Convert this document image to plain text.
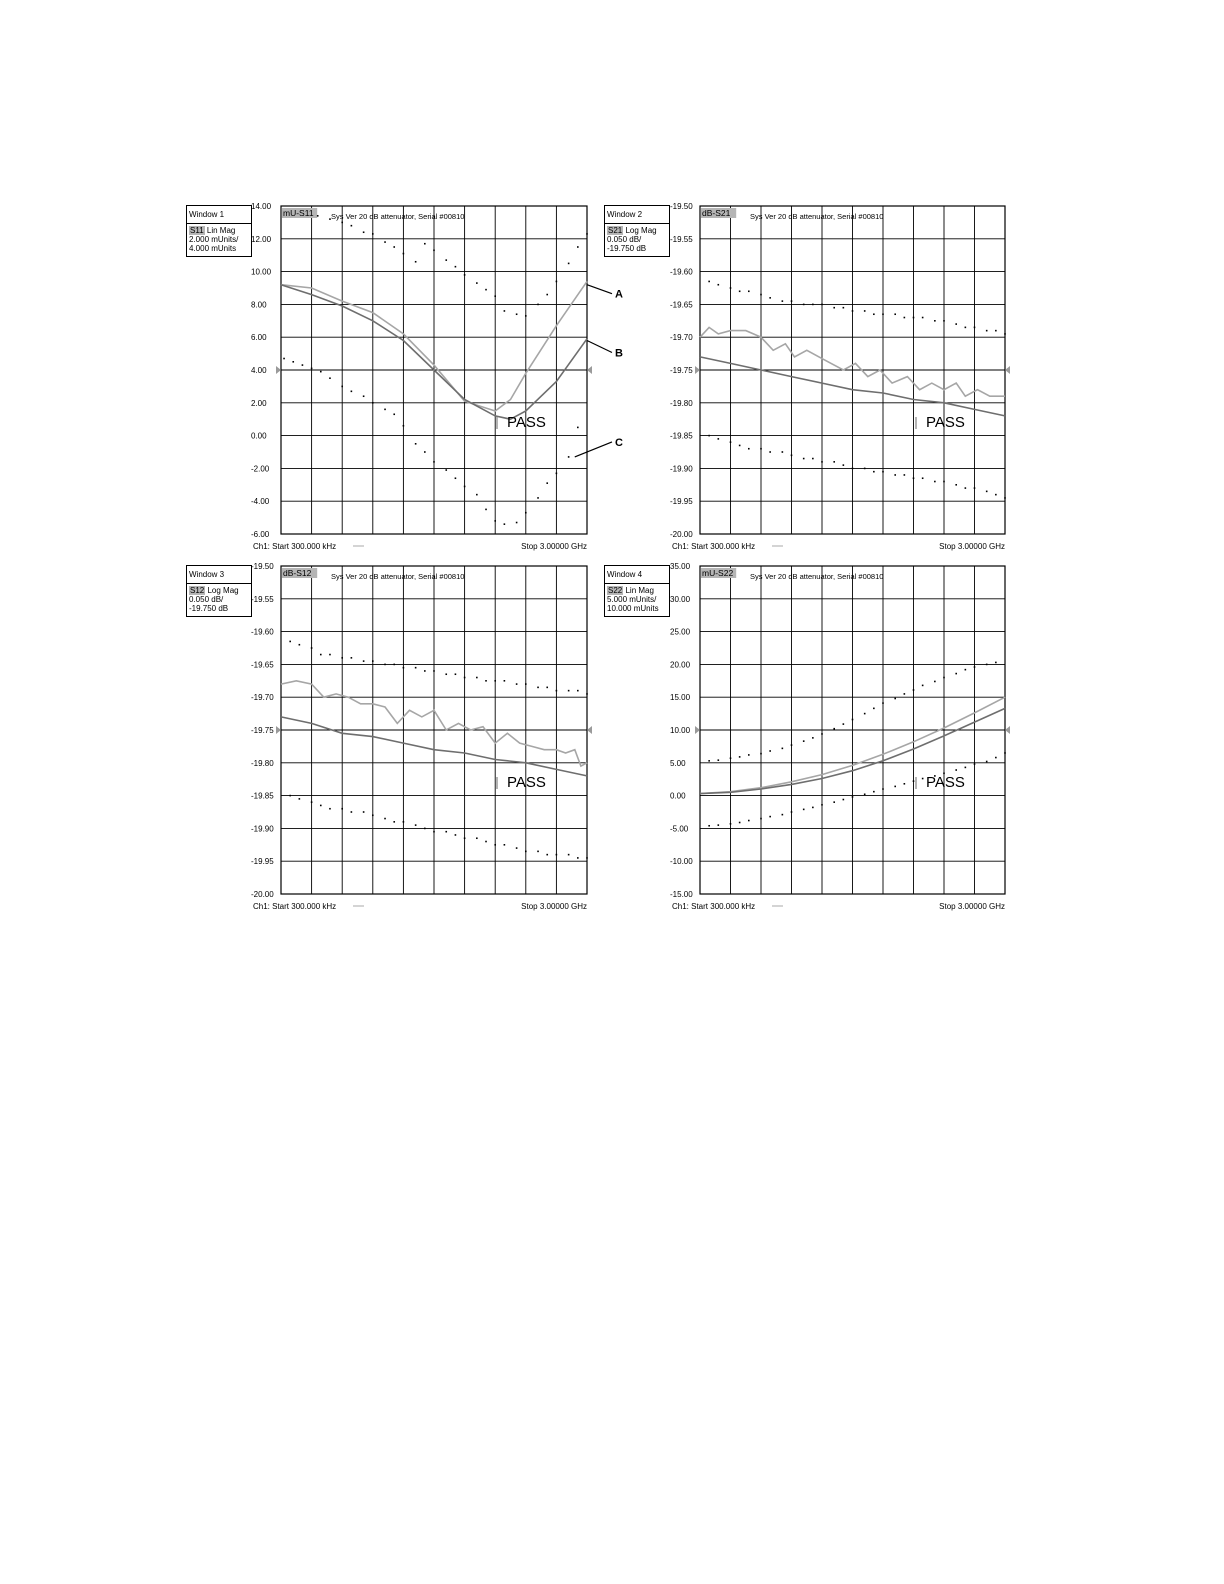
Window 1
S11 Lin Mag
2.000 mUnits/
4.000 mUnits
Window 2
S21 Log Mag
0.050 dB/
-19.750 dB
Window 3
S12 Log Mag
0.050 dB/
-19.750 dB
Window 4
S22 Lin Mag
5.000 mUnits/
10.000 mUnits
14.00
12.00
10.00
8.00
6.00
4.00
2.00
0.00
-2.00
-4.00
-6.00
mU-S11 Sys Ver 20 dB attenuator, Serial #00810
Ch1: Start 300.000 kHz	Stop 3.00000 GHz
PASS
A
B
C
-19.50
-19.55
-19.60
-19.65
-19.70
-19.75
-19.80
-19.85
-19.90
-19.95
-20.00
dB-S21	Sys Ver 20 dB attenuator, Serial #00810
Ch1: Start 300.000 kHz	Stop 3.00000 GHz
PASS
-19.50
-19.55
-19.60
-19.65
-19.70
-19.75
-19.80
-19.85
-19.90
-19.95
-20.00
dB-S12	Sys Ver 20 dB attenuator, Serial #00810
Ch1: Start 300.000 kHz	Stop 3.00000 GHz
PASS
35.00
30.00
25.00
20.00
15.00
10.00
5.00
0.00
-5.00
-10.00
-15.00
mU-S22 Sys Ver 20 dB attenuator, Serial #00810
Ch1: Start 300.000 kHz	Stop 3.00000 GHz
PASS
